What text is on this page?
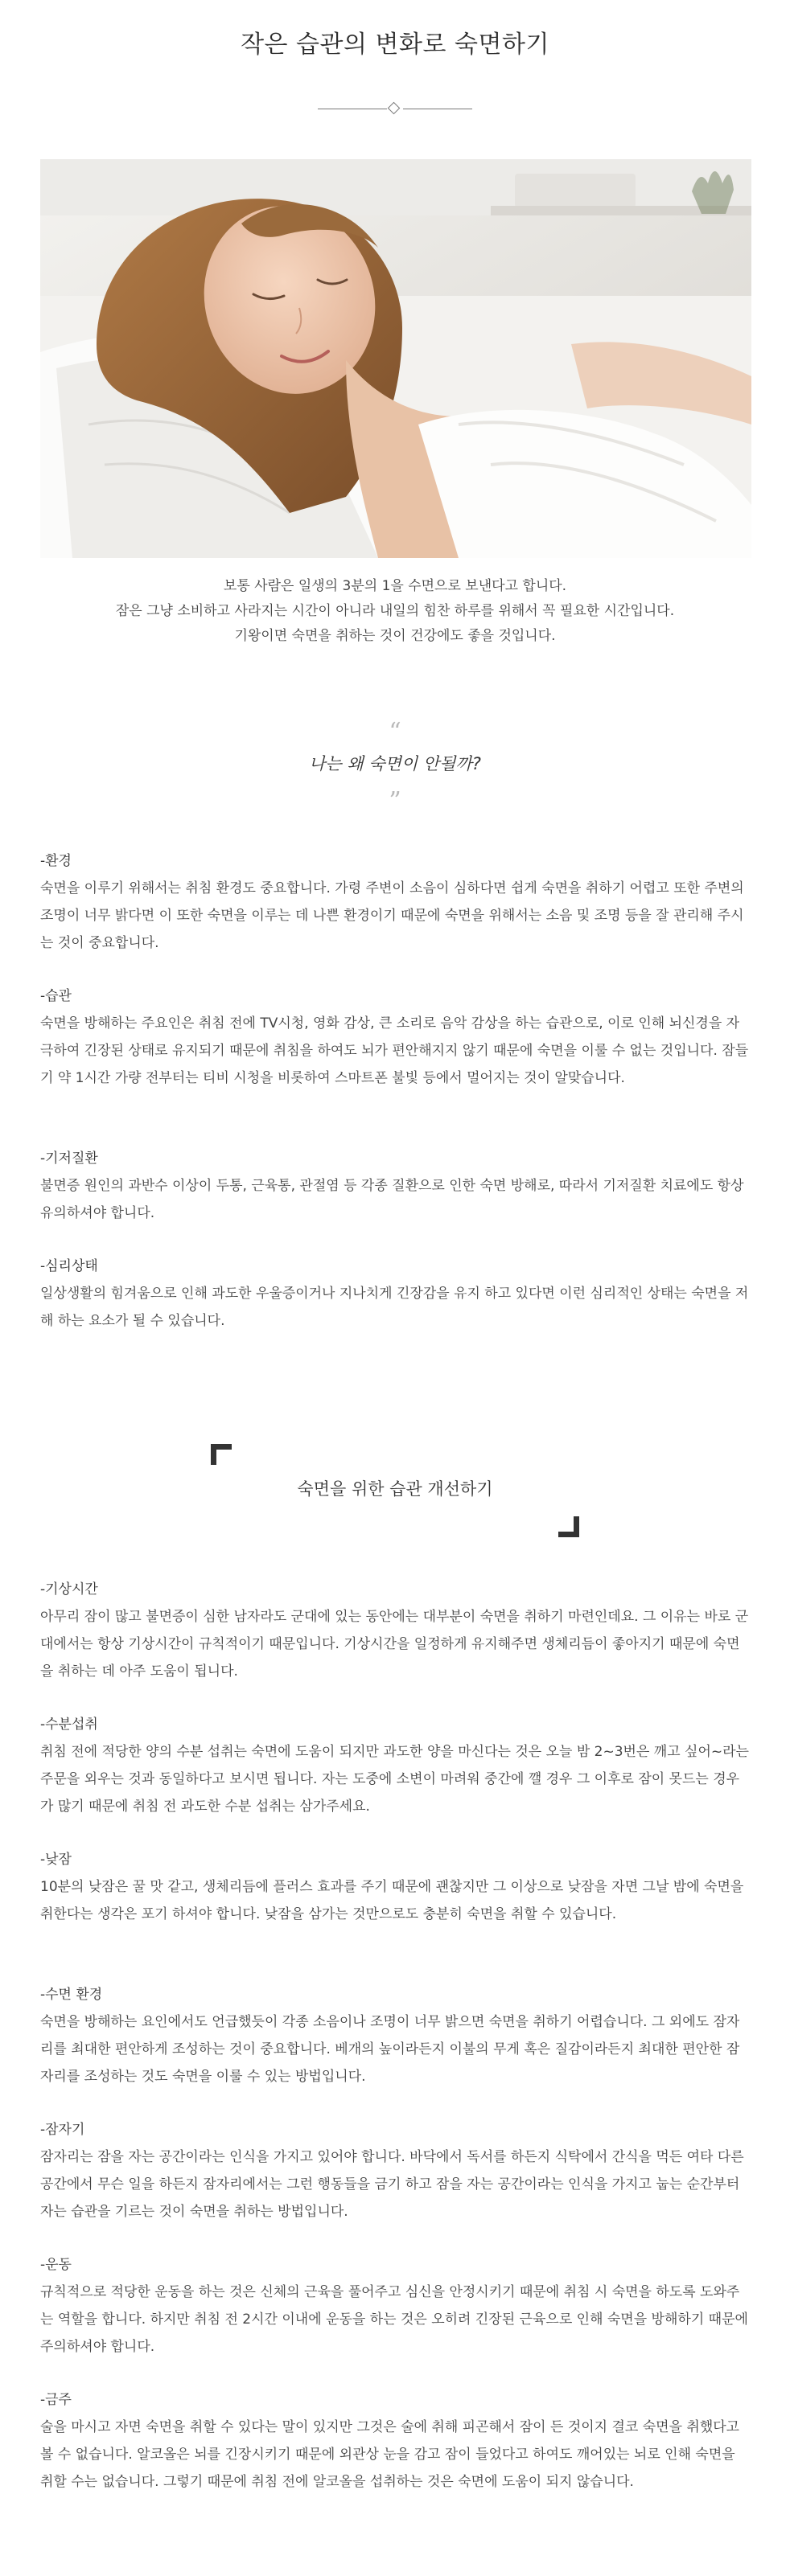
작은 습관의 변화로 숙면하기

보통 사람은 일생의 3분의 1을 수면으로 보낸다고 합니다.

잠은 그냥 소비하고 사라지는 시간이 아니라 내일의 힘찬 하루를 위해서 꼭 필요한 시간입니다.

기왕이면 숙면을 취하는 것이 건강에도 좋을 것입니다.

“
나는 왜 숙면이 안될까?
”

-환경

숙면을 이루기 위해서는 취침 환경도 중요합니다. 가령 주변이 소음이 심하다면 쉽게 숙면을 취하기 어렵고 또한 주변의 조명이 너무 밝다면 이 또한 숙면을 이루는 데 나쁜 환경이기 때문에 숙면을 위해서는 소음 및 조명 등을 잘 관리해 주시는 것이 중요합니다.

-습관

숙면을 방해하는 주요인은 취침 전에 TV시청, 영화 감상, 큰 소리로 음악 감상을 하는 습관으로, 이로 인해 뇌신경을 자극하여 긴장된 상태로 유지되기 때문에 취침을 하여도 뇌가 편안해지지 않기 때문에 숙면을 이룰 수 없는 것입니다. 잠들기 약 1시간 가량 전부터는 티비 시청을 비롯하여 스마트폰 불빛 등에서 멀어지는 것이 알맞습니다.

-기저질환

불면증 원인의 과반수 이상이 두통, 근육통, 관절염 등 각종 질환으로 인한 숙면 방해로, 따라서 기저질환 치료에도 항상 유의하셔야 합니다.

-심리상태

일상생활의 힘겨움으로 인해 과도한 우울증이거나 지나치게 긴장감을 유지 하고 있다면 이런 심리적인 상태는 숙면을 저해 하는 요소가 될 수 있습니다.

숙면을 위한 습관 개선하기

-기상시간

아무리 잠이 많고 불면증이 심한 남자라도 군대에 있는 동안에는 대부분이 숙면을 취하기 마련인데요. 그 이유는 바로 군대에서는 항상 기상시간이 규칙적이기 때문입니다. 기상시간을 일정하게 유지해주면 생체리듬이 좋아지기 때문에 숙면을 취하는 데 아주 도움이 됩니다.

-수분섭취

취침 전에 적당한 양의 수분 섭취는 숙면에 도움이 되지만 과도한 양을 마신다는 것은 오늘 밤 2~3번은 깨고 싶어~라는 주문을 외우는 것과 동일하다고 보시면 됩니다. 자는 도중에 소변이 마려워 중간에 깰 경우 그 이후로 잠이 못드는 경우가 많기 때문에 취침 전 과도한 수분 섭취는 삼가주세요.

-낮잠

10분의 낮잠은 꿀 맛 같고, 생체리듬에 플러스 효과를 주기 때문에 괜찮지만 그 이상으로 낮잠을 자면 그날 밤에 숙면을 취한다는 생각은 포기 하셔야 합니다. 낮잠을 삼가는 것만으로도 충분히 숙면을 취할 수 있습니다.

-수면 환경

숙면을 방해하는 요인에서도 언급했듯이 각종 소음이나 조명이 너무 밝으면 숙면을 취하기 어렵습니다. 그 외에도 잠자리를 최대한 편안하게 조성하는 것이 중요합니다. 베개의 높이라든지 이불의 무게 혹은 질감이라든지 최대한 편안한 잠자리를 조성하는 것도 숙면을 이룰 수 있는 방법입니다.

-잠자기

잠자리는 잠을 자는 공간이라는 인식을 가지고 있어야 합니다. 바닥에서 독서를 하든지 식탁에서 간식을 먹든 여타 다른 공간에서 무슨 일을 하든지 잠자리에서는 그런 행동들을 금기 하고 잠을 자는 공간이라는 인식을 가지고 눕는 순간부터 자는 습관을 기르는 것이 숙면을 취하는 방법입니다.

-운동

규칙적으로 적당한 운동을 하는 것은 신체의 근육을 풀어주고 심신을 안정시키기 때문에 취침 시 숙면을 하도록 도와주는 역할을 합니다. 하지만 취침 전 2시간 이내에 운동을 하는 것은 오히려 긴장된 근육으로 인해 숙면을 방해하기 때문에 주의하셔야 합니다.

-금주

술을 마시고 자면 숙면을 취할 수 있다는 말이 있지만 그것은 술에 취해 피곤해서 잠이 든 것이지 결코 숙면을 취했다고 볼 수 없습니다. 알코올은 뇌를 긴장시키기 때문에 외관상 눈을 감고 잠이 들었다고 하여도 깨어있는 뇌로 인해 숙면을 취할 수는 없습니다. 그렇기 때문에 취침 전에 알코올을 섭취하는 것은 숙면에 도움이 되지 않습니다.
